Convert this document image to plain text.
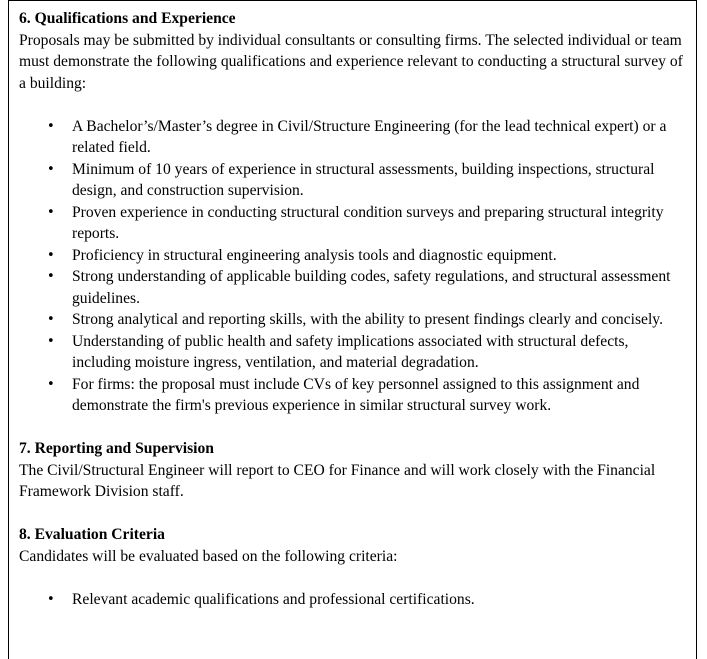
6. Qualifications and Experience

Proposals may be submitted by individual consultants or consulting firms. The selected individual or team must demonstrate the following qualifications and experience relevant to conducting a structural survey of a building:

• A Bachelor’s/Master’s degree in Civil/Structure Engineering (for the lead technical expert) or a related field.
• Minimum of 10 years of experience in structural assessments, building inspections, structural design, and construction supervision.
• Proven experience in conducting structural condition surveys and preparing structural integrity reports.
• Proficiency in structural engineering analysis tools and diagnostic equipment.
• Strong understanding of applicable building codes, safety regulations, and structural assessment guidelines.
• Strong analytical and reporting skills, with the ability to present findings clearly and concisely.
• Understanding of public health and safety implications associated with structural defects, including moisture ingress, ventilation, and material degradation.
• For firms: the proposal must include CVs of key personnel assigned to this assignment and demonstrate the firm's previous experience in similar structural survey work.

7. Reporting and Supervision

The Civil/Structural Engineer will report to CEO for Finance and will work closely with the Financial Framework Division staff.

8. Evaluation Criteria

Candidates will be evaluated based on the following criteria:

• Relevant academic qualifications and professional certifications.
